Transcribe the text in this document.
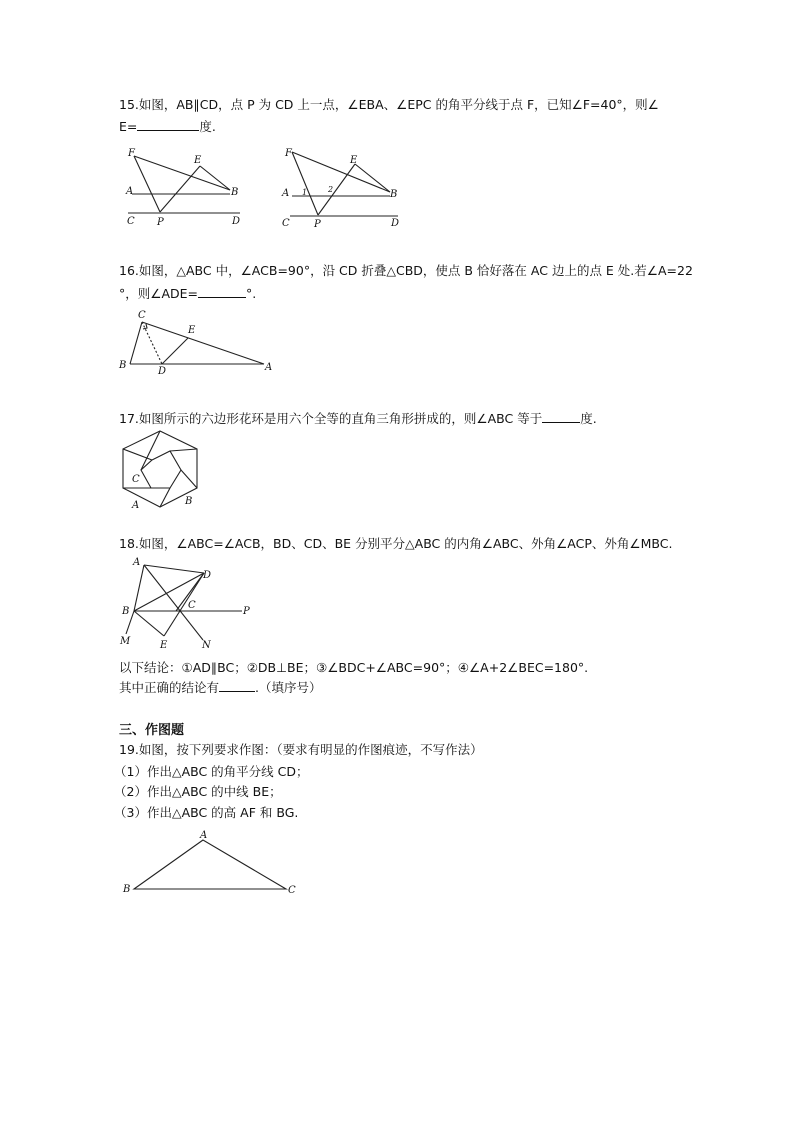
15.如图，AB∥CD，点 P 为 CD 上一点，∠EBA、∠EPC 的角平分线于点 F，已知∠F=40°，则∠
E=	度.
F
E
A	B
C P	D
F
E
A 1	2	B
C P	D
16.如图，△ABC 中，∠ACB=90°，沿 CD 折叠△CBD，使点 B 恰好落在 AC 边上的点 E 处.若∠A=22
°，则∠ADE=	°.
C
E
B
D	A
17.如图所示的六边形花环是用六个全等的直角三角形拼成的，则∠ABC 等于	度.
C
A	B
18.如图，∠ABC=∠ACB，BD、CD、BE 分别平分△ABC 的内角∠ABC、外角∠ACP、外角∠MBC.
A
D
B
C
P
M	E	N
以下结论：①AD∥BC；②DB⊥BE；③∠BDC+∠ABC=90°；④∠A+2∠BEC=180°.
其中正确的结论有	.（填序号）
三、作图题
19.如图，按下列要求作图：（要求有明显的作图痕迹，不写作法）
（1）作出△ABC 的角平分线 CD；
（2）作出△ABC 的中线 BE；
（3）作出△ABC 的高 AF 和 BG.
A
B	C
